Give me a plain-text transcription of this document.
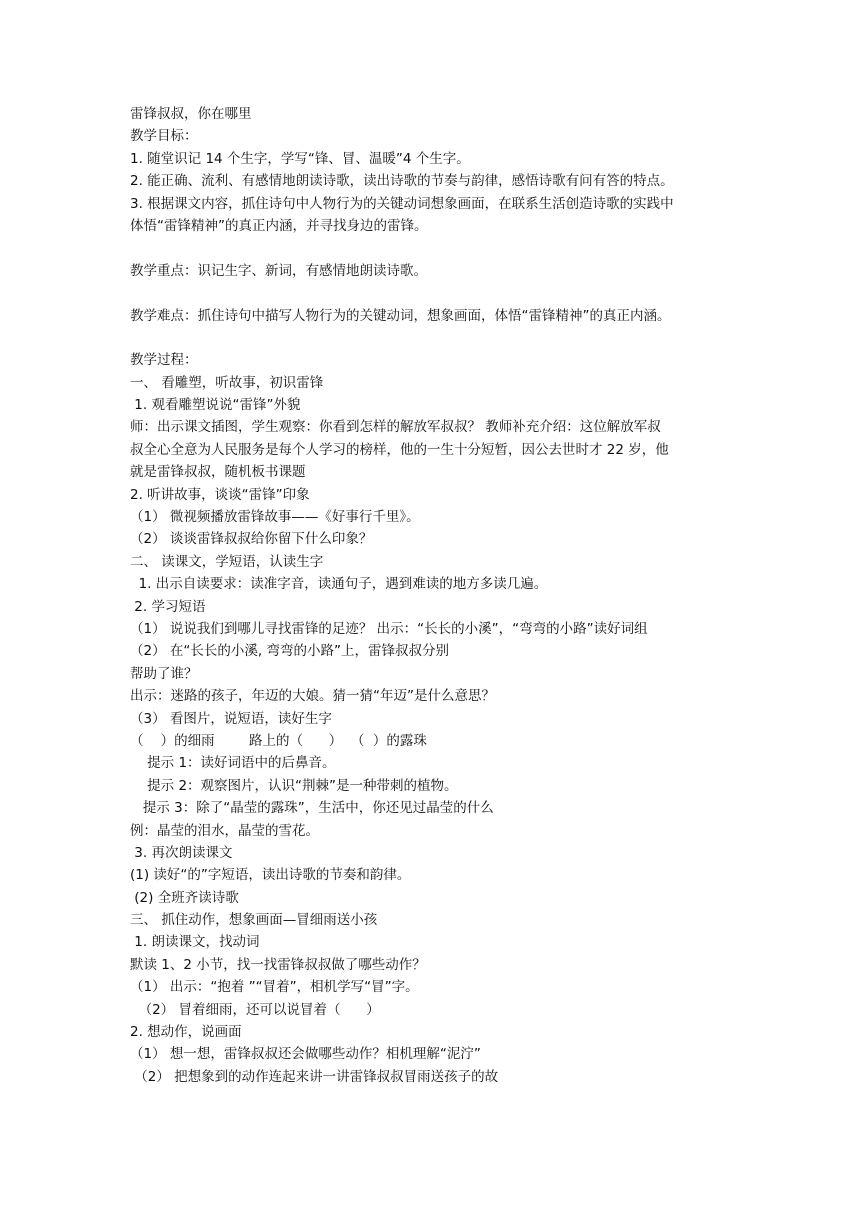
雷锋叔叔，你在哪里
教学目标：
1. 随堂识记 14 个生字，学写“锋、冒、温暖”4 个生字。
2. 能正确、流利、有感情地朗读诗歌，读出诗歌的节奏与韵律，感悟诗歌有问有答的特点。
3. 根据课文内容，抓住诗句中人物行为的关键动词想象画面，在联系生活创造诗歌的实践中
体悟“雷锋精神”的真正内涵，并寻找身边的雷锋。
教学重点：识记生字、新词，有感情地朗读诗歌。
教学难点：抓住诗句中描写人物行为的关键动词，想象画面，体悟“雷锋精神”的真正内涵。
教学过程：
一、 看雕塑，听故事，初识雷锋
1. 观看雕塑说说“雷锋”外貌
师：出示课文插图，学生观察：你看到怎样的解放军叔叔？ 教师补充介绍：这位解放军叔
叔全心全意为人民服务是每个人学习的榜样，他的一生十分短暂，因公去世时才 22 岁，他
就是雷锋叔叔，随机板书课题
2. 听讲故事，谈谈“雷锋”印象
（1） 微视频播放雷锋故事——《好事行千里》。
（2） 谈谈雷锋叔叔给你留下什么印象？
二、 读课文，学短语，认读生字
1. 出示自读要求：读准字音，读通句子，遇到难读的地方多读几遍。
2. 学习短语
（1） 说说我们到哪儿寻找雷锋的足迹？ 出示：“长长的小溪”，“弯弯的小路”读好词组
（2） 在“长长的小溪, 弯弯的小路”上，雷锋叔叔分别
帮助了谁？
出示：迷路的孩子，年迈的大娘。猜一猜“年迈”是什么意思？
（3） 看图片，说短语，读好生字
（    ）的细雨        路上的（      ）  （  ）的露珠
提示 1：读好词语中的后鼻音。
提示 2：观察图片，认识“荆棘”是一种带刺的植物。
提示 3：除了“晶莹的露珠”，生活中，你还见过晶莹的什么
例：晶莹的泪水，晶莹的雪花。
3. 再次朗读课文
(1) 读好“的”字短语，读出诗歌的节奏和韵律。
(2) 全班齐读诗歌
三、 抓住动作，想象画面—冒细雨送小孩
1. 朗读课文，找动词
默读 1、2 小节，找一找雷锋叔叔做了哪些动作？
（1） 出示：“抱着 ”“冒着”，相机学写“冒”字。
（2） 冒着细雨，还可以说冒着（      ）
2. 想动作，说画面
（1） 想一想，雷锋叔叔还会做哪些动作？相机理解“泥泞”
（2） 把想象到的动作连起来讲一讲雷锋叔叔冒雨送孩子的故
